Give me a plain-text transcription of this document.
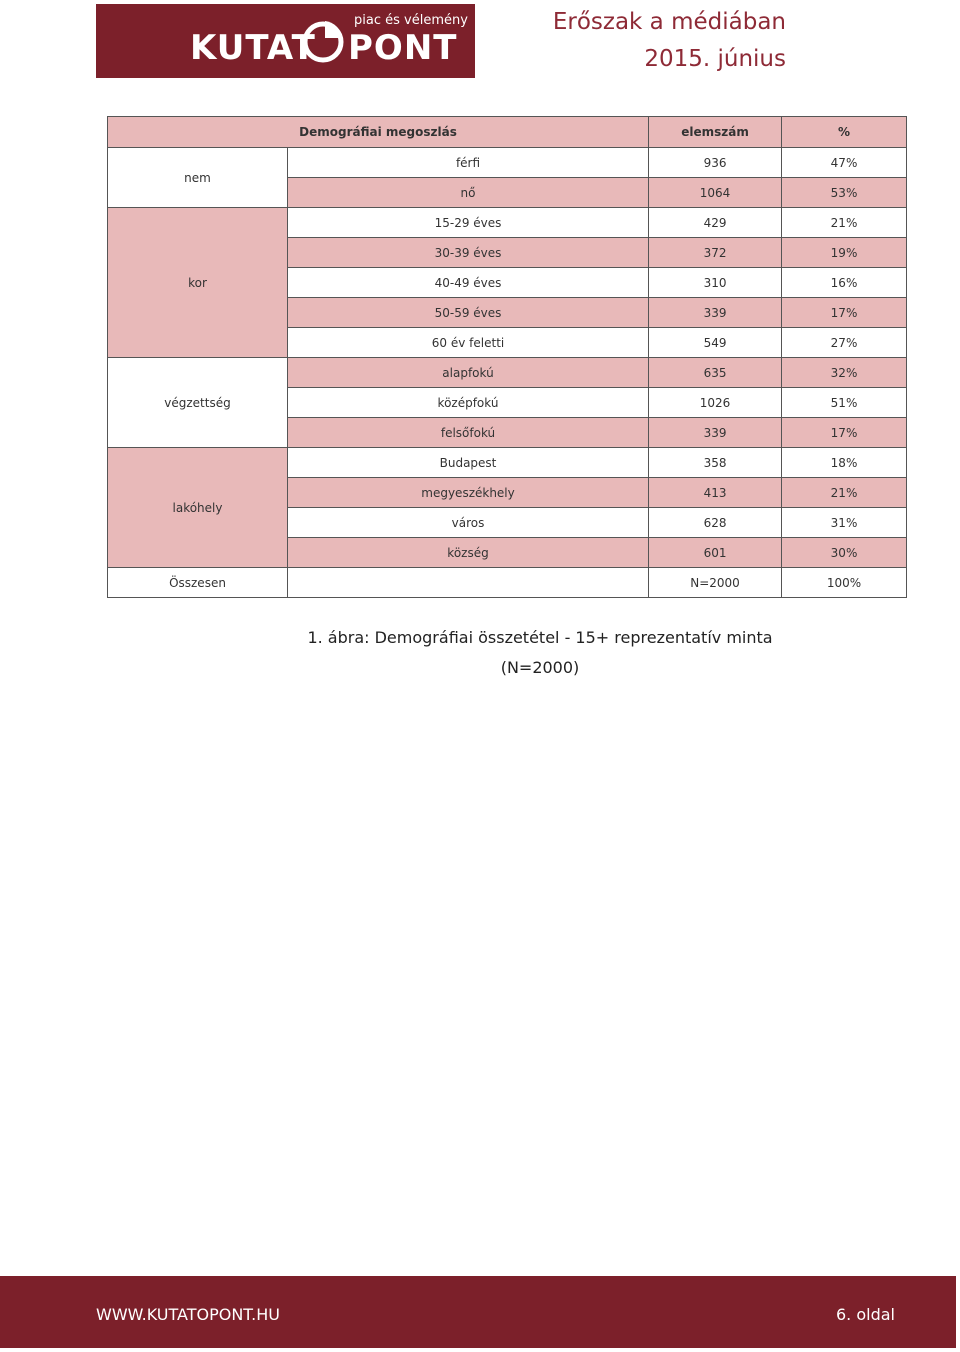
piac és vélemény
KUTAT PONT
Erőszak a médiában
2015. június
Demográfiai megoszlás		elemszám	%
nem	férfi	936	47%
	nő	1064	53%
kor	15-29 éves	429	21%
	30-39 éves	372	19%
	40-49 éves	310	16%
	50-59 éves	339	17%
	60 év feletti	549	27%
végzettség	alapfokú	635	32%
	középfokú	1026	51%
	felsőfokú	339	17%
lakóhely	Budapest	358	18%
	megyeszékhely	413	21%
	város	628	31%
	község	601	30%
Összesen		N=2000	100%
1. ábra: Demográfiai összetétel - 15+ reprezentatív minta
(N=2000)
WWW.KUTATOPONT.HU	6. oldal
